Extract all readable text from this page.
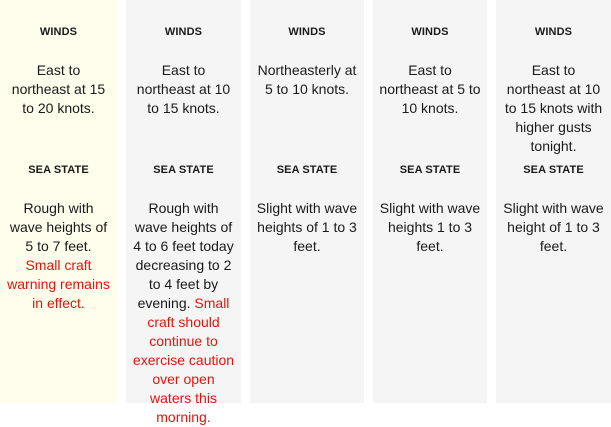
WINDS
East to northeast at 15 to 20 knots.
SEA STATE
Rough with wave heights of 5 to 7 feet. Small craft warning remains in effect.
WINDS
East to northeast at 10 to 15 knots.
SEA STATE
Rough with wave heights of 4 to 6 feet today decreasing to 2 to 4 feet by evening. Small craft should continue to exercise caution over open waters this morning.
WINDS
Northeasterly at 5 to 10 knots.
SEA STATE
Slight with wave heights of 1 to 3 feet.
WINDS
East to northeast at 5 to 10 knots.
SEA STATE
Slight with wave heights 1 to 3 feet.
WINDS
East to northeast at 10 to 15 knots with higher gusts tonight.
SEA STATE
Slight with wave height of 1 to 3 feet.
